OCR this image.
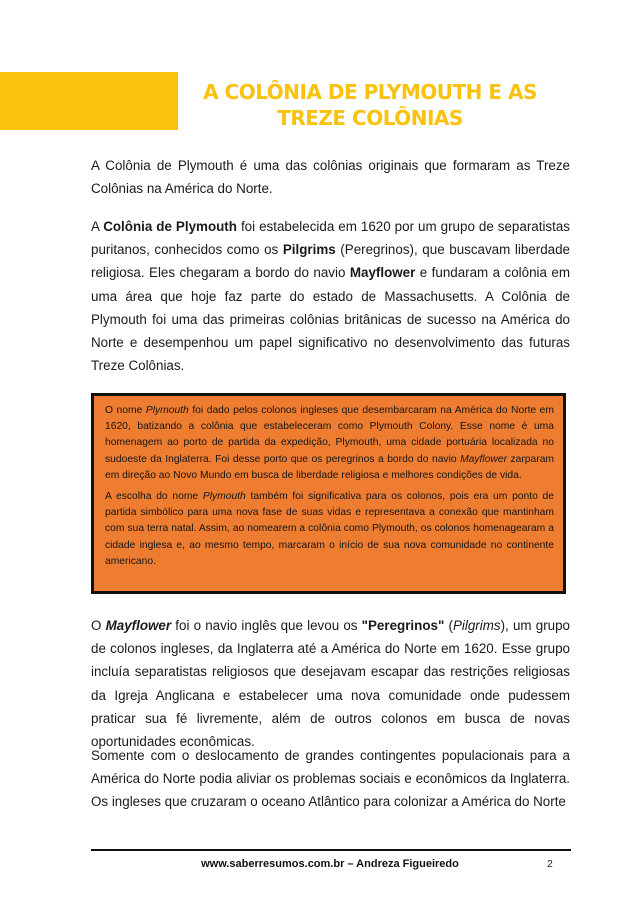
A COLÔNIA DE PLYMOUTH E AS
TREZE COLÔNIAS

A Colônia de Plymouth é uma das colônias originais que formaram as Treze Colônias na América do Norte.

A Colônia de Plymouth foi estabelecida em 1620 por um grupo de separatistas puritanos, conhecidos como os Pilgrims (Peregrinos), que buscavam liberdade religiosa. Eles chegaram a bordo do navio Mayflower e fundaram a colônia em uma área que hoje faz parte do estado de Massachusetts. A Colônia de Plymouth foi uma das primeiras colônias britânicas de sucesso na América do Norte e desempenhou um papel significativo no desenvolvimento das futuras Treze Colônias.

O nome Plymouth foi dado pelos colonos ingleses que desembarcaram na América do Norte em 1620, batizando a colônia que estabeleceram como Plymouth Colony. Esse nome é uma homenagem ao porto de partida da expedição, Plymouth, uma cidade portuária localizada no sudoeste da Inglaterra. Foi desse porto que os peregrinos a bordo do navio Mayflower zarparam em direção ao Novo Mundo em busca de liberdade religiosa e melhores condições de vida.

A escolha do nome Plymouth também foi significativa para os colonos, pois era um ponto de partida simbólico para uma nova fase de suas vidas e representava a conexão que mantinham com sua terra natal. Assim, ao nomearem a colônia como Plymouth, os colonos homenagearam a cidade inglesa e, ao mesmo tempo, marcaram o início de sua nova comunidade no continente americano.

O Mayflower foi o navio inglês que levou os "Peregrinos" (Pilgrims), um grupo de colonos ingleses, da Inglaterra até a América do Norte em 1620. Esse grupo incluía separatistas religiosos que desejavam escapar das restrições religiosas da Igreja Anglicana e estabelecer uma nova comunidade onde pudessem praticar sua fé livremente, além de outros colonos em busca de novas oportunidades econômicas.

Somente com o deslocamento de grandes contingentes populacionais para a América do Norte podia aliviar os problemas sociais e econômicos da Inglaterra. Os ingleses que cruzaram o oceano Atlântico para colonizar a América do Norte

www.saberresumos.com.br – Andreza Figueiredo	2
